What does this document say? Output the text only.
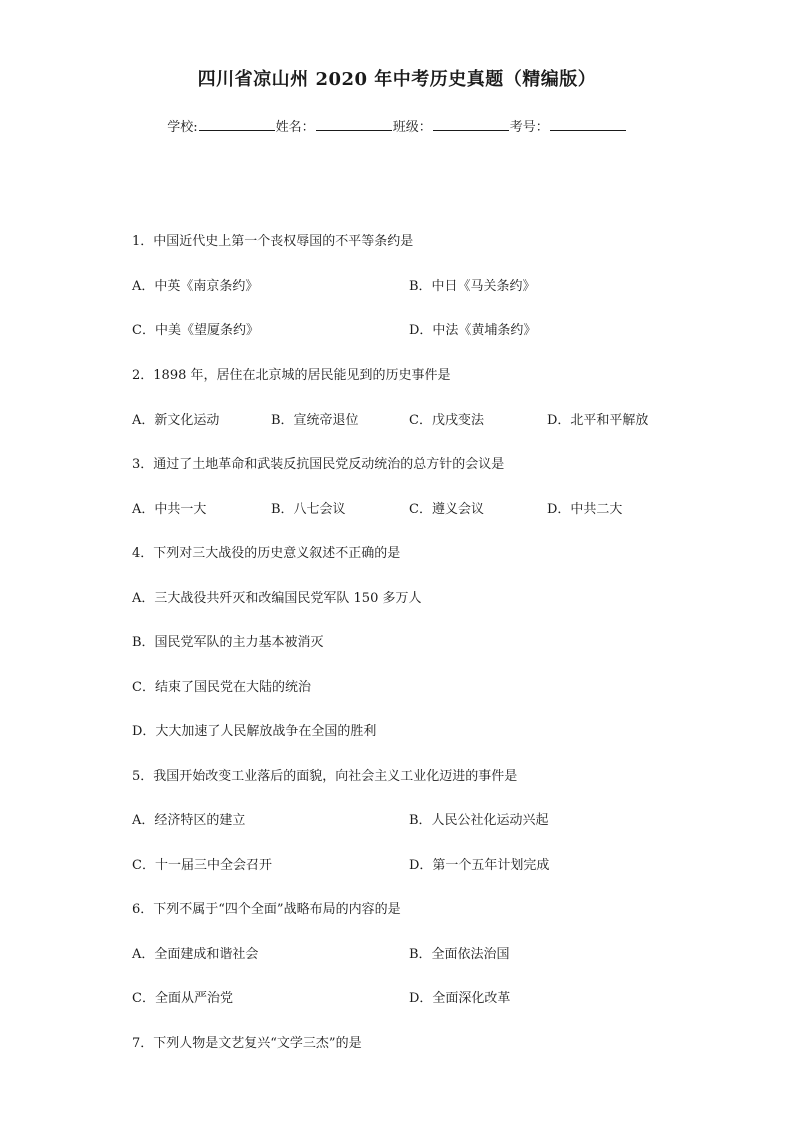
四川省凉山州 2020 年中考历史真题（精编版）
学校:	姓名：	班级：	考号：
1．中国近代史上第一个丧权辱国的不平等条约是
A．中英《南京条约》	B．中日《马关条约》
C．中美《望厦条约》	D．中法《黄埔条约》
2．1898 年，居住在北京城的居民能见到的历史事件是
A．新文化运动	B．宣统帝退位	C．戊戌变法	D．北平和平解放
3．通过了土地革命和武装反抗国民党反动统治的总方针的会议是
A．中共一大	B．八七会议	C．遵义会议	D．中共二大
4．下列对三大战役的历史意义叙述不正确的是
A．三大战役共歼灭和改编国民党军队 150 多万人
B．国民党军队的主力基本被消灭
C．结束了国民党在大陆的统治
D．大大加速了人民解放战争在全国的胜利
5．我国开始改变工业落后的面貌，向社会主义工业化迈进的事件是
A．经济特区的建立	B．人民公社化运动兴起
C．十一届三中全会召开	D．第一个五年计划完成
6．下列不属于“四个全面”战略布局的内容的是
A．全面建成和谐社会	B．全面依法治国
C．全面从严治党	D．全面深化改革
7．下列人物是文艺复兴“文学三杰”的是
